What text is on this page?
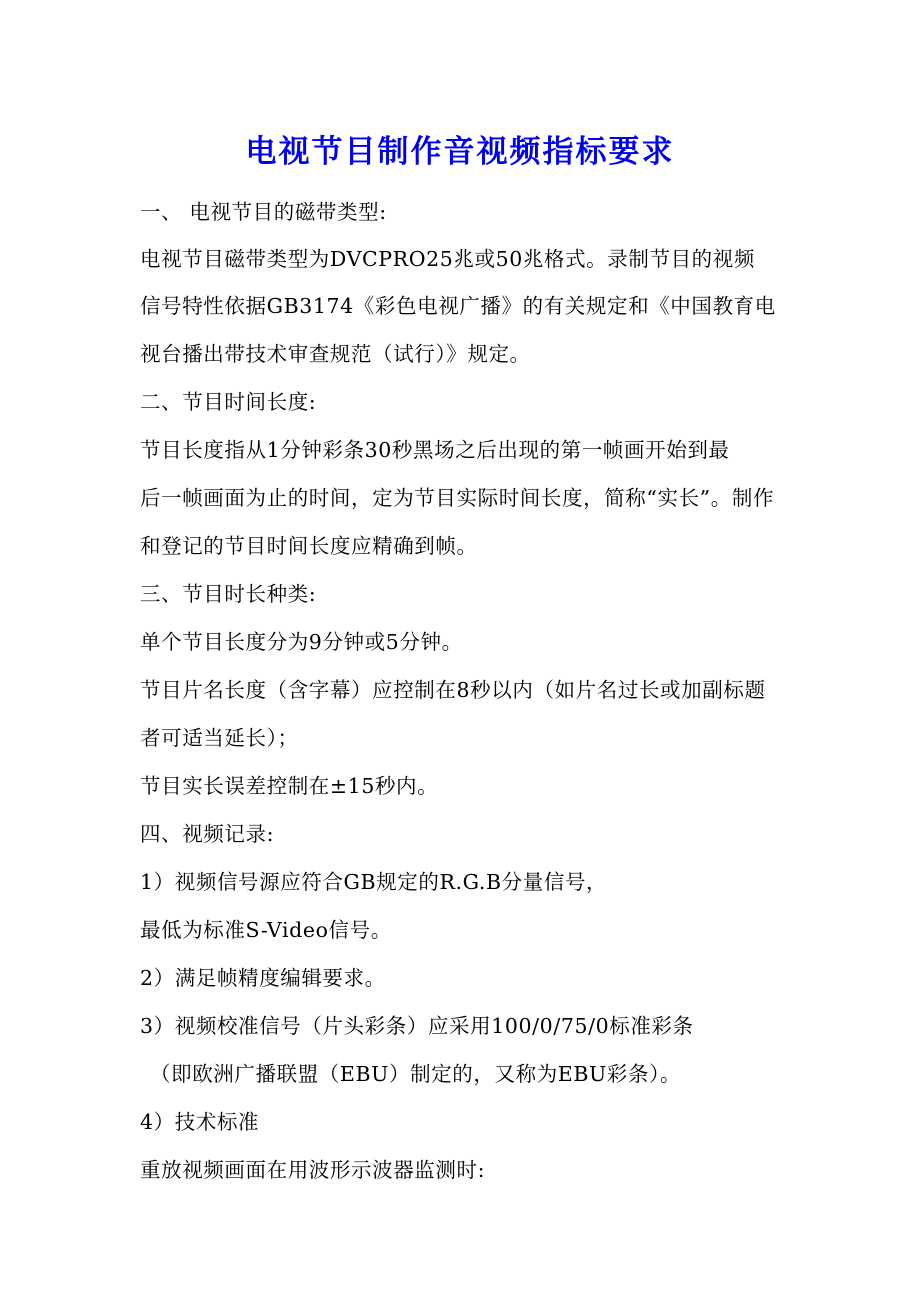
电视节目制作音视频指标要求

一、 电视节目的磁带类型:

电视节目磁带类型为DVCPRO25兆或50兆格式。录制节目的视频

信号特性依据GB3174《彩色电视广播》的有关规定和《中国教育电

视台播出带技术审查规范（试行）》规定。

二、节目时间长度:

节目长度指从1分钟彩条30秒黑场之后出现的第一帧画开始到最

后一帧画面为止的时间，定为节目实际时间长度，简称“实长”。制作

和登记的节目时间长度应精确到帧。

三、节目时长种类:

单个节目长度分为9分钟或5分钟。

节目片名长度（含字幕）应控制在8秒以内（如片名过长或加副标题

者可适当延长）；

节目实长误差控制在±15秒内。

四、视频记录:

1）视频信号源应符合GB规定的R.G.B分量信号，

最低为标准S-Video信号。

2）满足帧精度编辑要求。

3）视频校准信号（片头彩条）应采用100/0/75/0标准彩条

（即欧洲广播联盟（EBU）制定的，又称为EBU彩条）。

4）技术标准

重放视频画面在用波形示波器监测时:
